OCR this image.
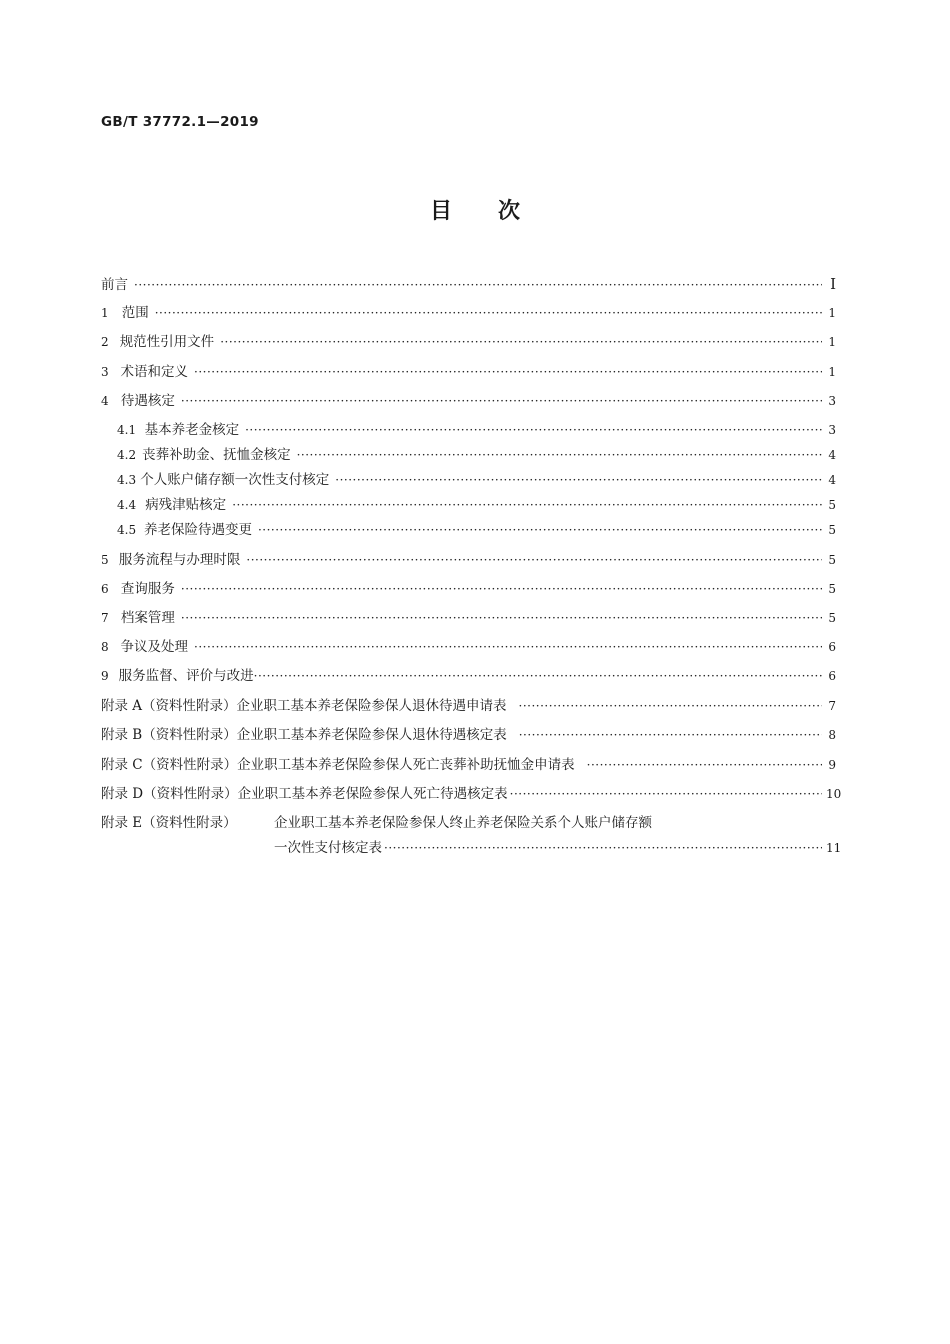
GB/T 37772.1—2019
目 次
前言 ·····	I
1 范围 ·····	1
2 规范性引用文件 ·····	1
3 术语和定义 ·····	1
4 待遇核定 ·····	3
4.1 基本养老金核定 ·····	3
4.2 丧葬补助金、抚恤金核定 ·····	4
4.3 个人账户储存额一次性支付核定 ·····	4
4.4 病残津贴核定 ·····	5
4.5 养老保险待遇变更 ·····	5
5 服务流程与办理时限 ·····	5
6 查询服务 ·····	5
7 档案管理 ·····	5
8 争议及处理 ·····	6
9 服务监督、评价与改进 ·····	6
附录 A（资料性附录） 企业职工基本养老保险参保人退休待遇申请表 ·····	7
附录 B（资料性附录） 企业职工基本养老保险参保人退休待遇核定表 ·····	8
附录 C（资料性附录） 企业职工基本养老保险参保人死亡丧葬补助抚恤金申请表 ·····	9
附录 D（资料性附录） 企业职工基本养老保险参保人死亡待遇核定表 ·····	10
附录 E（资料性附录）	企业职工基本养老保险参保人终止养老保险关系个人账户储存额
一次性支付核定表 ·····	11
